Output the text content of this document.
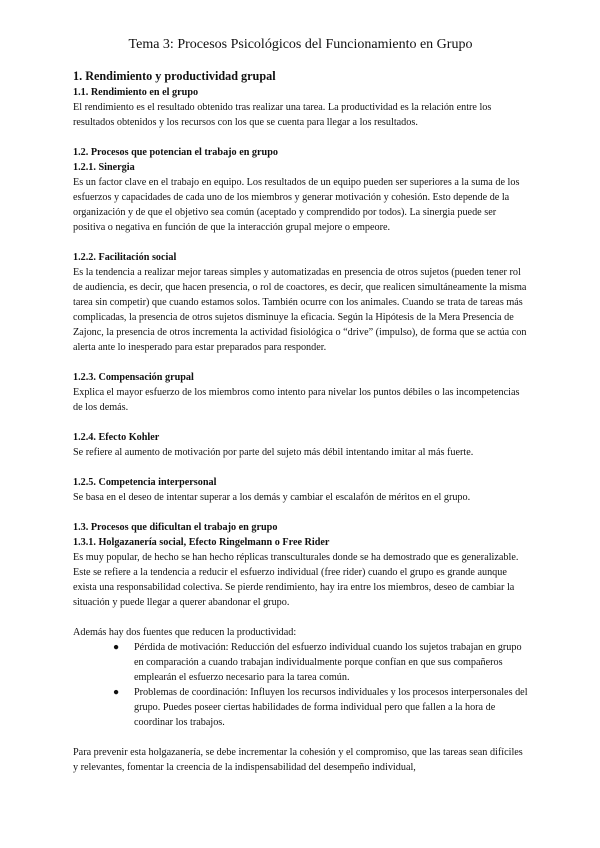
Tema 3: Procesos Psicológicos del Funcionamiento en Grupo
1. Rendimiento y productividad grupal
1.1. Rendimiento en el grupo

El rendimiento es el resultado obtenido tras realizar una tarea. La productividad es la relación entre los resultados obtenidos y los recursos con los que se cuenta para llegar a los resultados.

1.2. Procesos que potencian el trabajo en grupo
1.2.1. Sinergia

Es un factor clave en el trabajo en equipo. Los resultados de un equipo pueden ser superiores a la suma de los esfuerzos y capacidades de cada uno de los miembros y generar motivación y cohesión. Esto depende de la organización y de que el objetivo sea común (aceptado y comprendido por todos). La sinergia puede ser positiva o negativa en función de que la interacción grupal mejore o empeore.

1.2.2. Facilitación social

Es la tendencia a realizar mejor tareas simples y automatizadas en presencia de otros sujetos (pueden tener rol de audiencia, es decir, que hacen presencia, o rol de coactores, es decir, que realicen simultáneamente la misma tarea sin competir) que cuando estamos solos. También ocurre con los animales. Cuando se trata de tareas más complicadas, la presencia de otros sujetos disminuye la eficacia. Según la Hipótesis de la Mera Presencia de Zajonc, la presencia de otros incrementa la actividad fisiológica o “drive” (impulso), de forma que se actúa con alerta ante lo inesperado para estar preparados para responder.

1.2.3. Compensación grupal

Explica el mayor esfuerzo de los miembros como intento para nivelar los puntos débiles o las incompetencias de los demás.

1.2.4. Efecto Kohler

Se refiere al aumento de motivación por parte del sujeto más débil intentando imitar al más fuerte.

1.2.5. Competencia interpersonal

Se basa en el deseo de intentar superar a los demás y cambiar el escalafón de méritos en el grupo.

1.3. Procesos que dificultan el trabajo en grupo
1.3.1. Holgazanería social, Efecto Ringelmann o Free Rider

Es muy popular, de hecho se han hecho réplicas transculturales donde se ha demostrado que es generalizable. Este se refiere a la tendencia a reducir el esfuerzo individual (free rider) cuando el grupo es grande aunque exista una responsabilidad colectiva. Se pierde rendimiento, hay ira entre los miembros, deseo de cambiar la situación y puede llegar a querer abandonar el grupo.

Además hay dos fuentes que reducen la productividad:

● Pérdida de motivación: Reducción del esfuerzo individual cuando los sujetos trabajan en grupo en comparación a cuando trabajan individualmente porque confían en que sus compañeros emplearán el esfuerzo necesario para la tarea común.
● Problemas de coordinación: Influyen los recursos individuales y los procesos interpersonales del grupo. Puedes poseer ciertas habilidades de forma individual pero que fallen a la hora de coordinar los trabajos.

Para prevenir esta holgazanería, se debe incrementar la cohesión y el compromiso, que las tareas sean difíciles y relevantes, fomentar la creencia de la indispensabilidad del desempeño individual,
